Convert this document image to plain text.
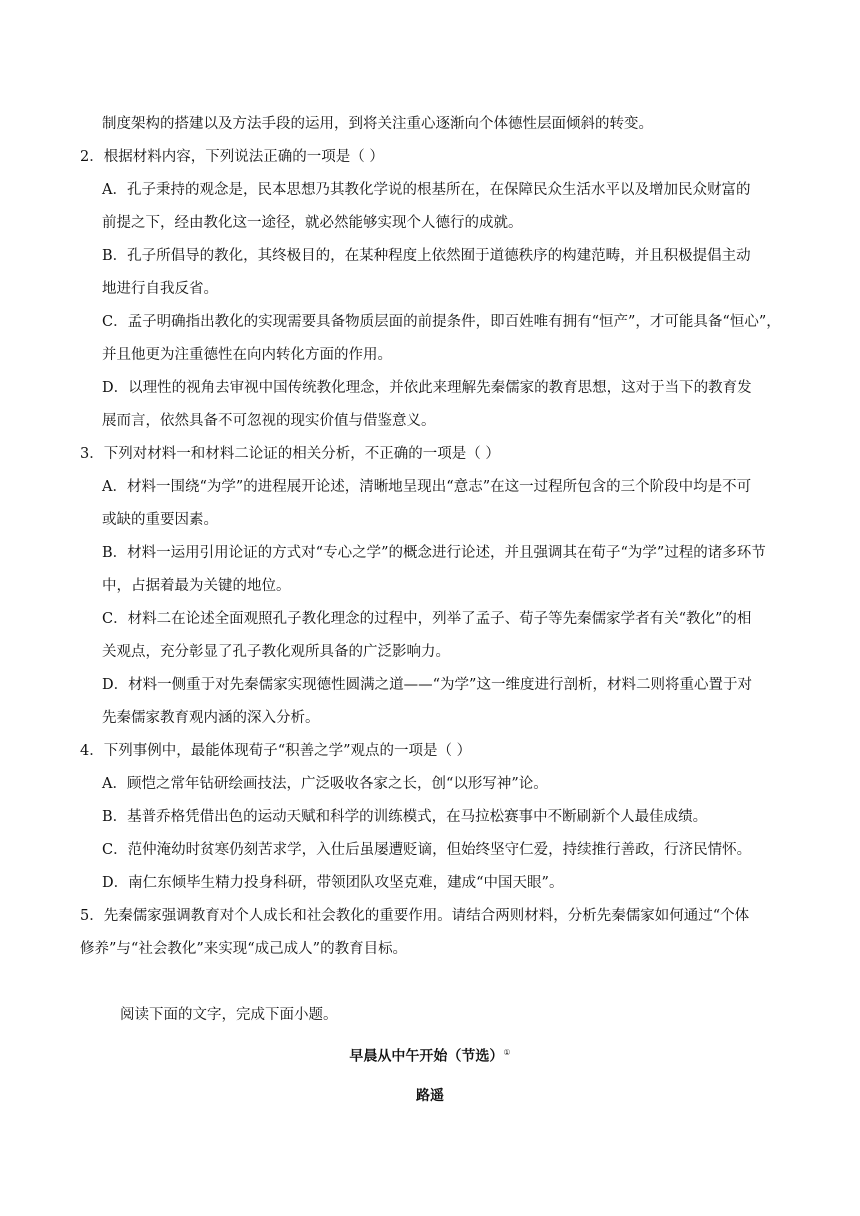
制度架构的搭建以及方法手段的运用，到将关注重心逐渐向个体德性层面倾斜的转变。

2．根据材料内容，下列说法正确的一项是（ ）

A．孔子秉持的观念是，民本思想乃其教化学说的根基所在，在保障民众生活水平以及增加民众财富的
前提之下，经由教化这一途径，就必然能够实现个人德行的成就。
B．孔子所倡导的教化，其终极目的，在某种程度上依然囿于道德秩序的构建范畴，并且积极提倡主动
地进行自我反省。
C．孟子明确指出教化的实现需要具备物质层面的前提条件，即百姓唯有拥有“恒产”，才可能具备“恒心”，
并且他更为注重德性在向内转化方面的作用。
D．以理性的视角去审视中国传统教化理念，并依此来理解先秦儒家的教育思想，这对于当下的教育发
展而言，依然具备不可忽视的现实价值与借鉴意义。

3．下列对材料一和材料二论证的相关分析，不正确的一项是（ ）

A．材料一围绕“为学”的进程展开论述，清晰地呈现出“意志”在这一过程所包含的三个阶段中均是不可
或缺的重要因素。
B．材料一运用引用论证的方式对“专心之学”的概念进行论述，并且强调其在荀子“为学”过程的诸多环节
中，占据着最为关键的地位。
C．材料二在论述全面观照孔子教化理念的过程中，列举了孟子、荀子等先秦儒家学者有关“教化”的相
关观点，充分彰显了孔子教化观所具备的广泛影响力。
D．材料一侧重于对先秦儒家实现德性圆满之道——“为学”这一维度进行剖析，材料二则将重心置于对
先秦儒家教育观内涵的深入分析。

4．下列事例中，最能体现荀子“积善之学”观点的一项是（ ）

A．顾恺之常年钻研绘画技法，广泛吸收各家之长，创“以形写神”论。
B．基普乔格凭借出色的运动天赋和科学的训练模式，在马拉松赛事中不断刷新个人最佳成绩。
C．范仲淹幼时贫寒仍刻苦求学，入仕后虽屡遭贬谪，但始终坚守仁爱，持续推行善政，行济民情怀。
D．南仁东倾毕生精力投身科研，带领团队攻坚克难，建成“中国天眼”。

5．先秦儒家强调教育对个人成长和社会教化的重要作用。请结合两则材料，分析先秦儒家如何通过“个体

修养”与“社会教化”来实现“成己成人”的教育目标。

阅读下面的文字，完成下面小题。

早晨从中午开始（节选）①

路遥
